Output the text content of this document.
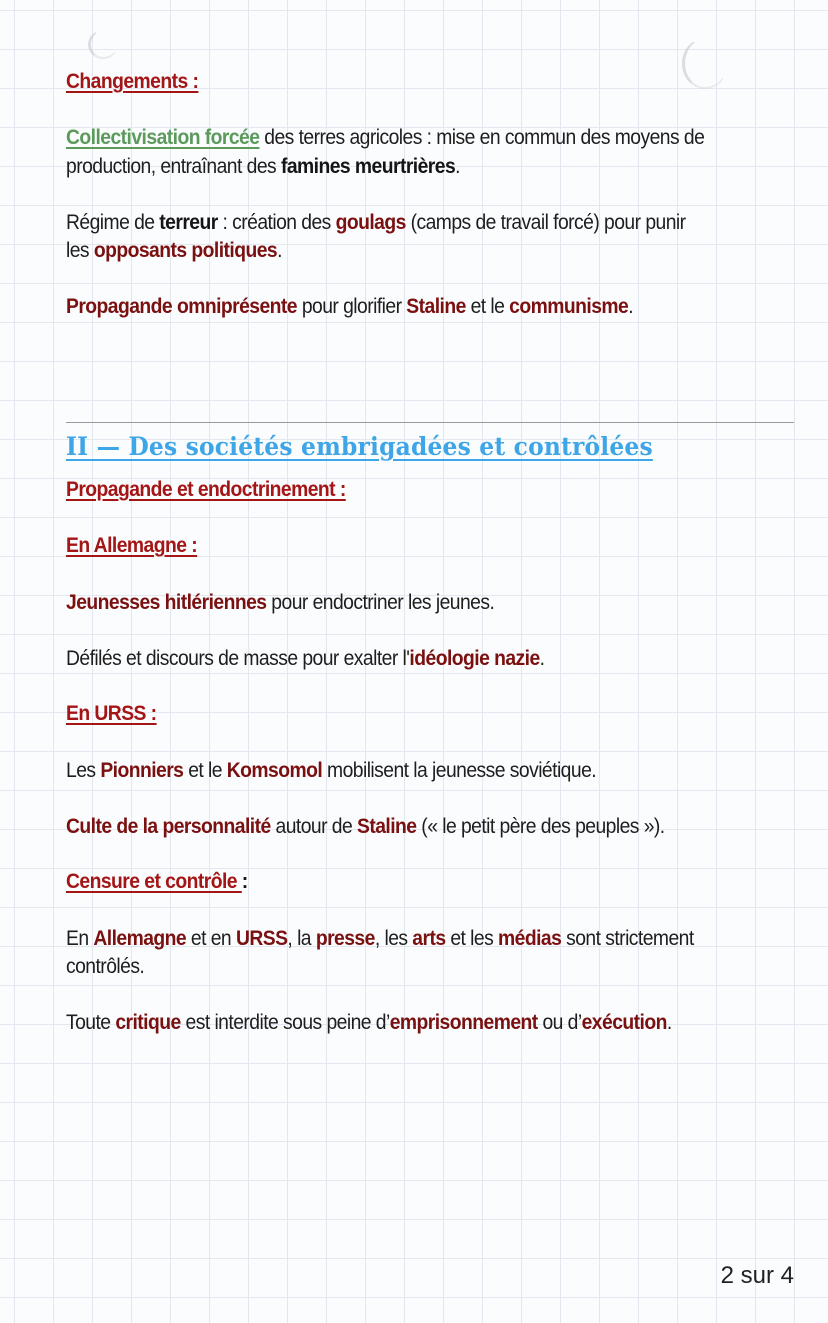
Changements :
Collectivisation forcée des terres agricoles : mise en commun des moyens de
production, entraînant des famines meurtrières.
Régime de terreur : création des goulags (camps de travail forcé) pour punir
les opposants politiques.
Propagande omniprésente pour glorifier Staline et le communisme.
Propagande et endoctrinement :
En Allemagne :
Jeunesses hitlériennes pour endoctriner les jeunes.
Défilés et discours de masse pour exalter l'idéologie nazie.
En URSS :
Les Pionniers et le Komsomol mobilisent la jeunesse soviétique.
Culte de la personnalité autour de Staline (« le petit père des peuples »).
Censure et contrôle :
En Allemagne et en URSS, la presse, les arts et les médias sont strictement
contrôlés.
Toute critique est interdite sous peine d’emprisonnement ou d’exécution.
II — Des sociétés embrigadées et contrôlées
2 sur 4
